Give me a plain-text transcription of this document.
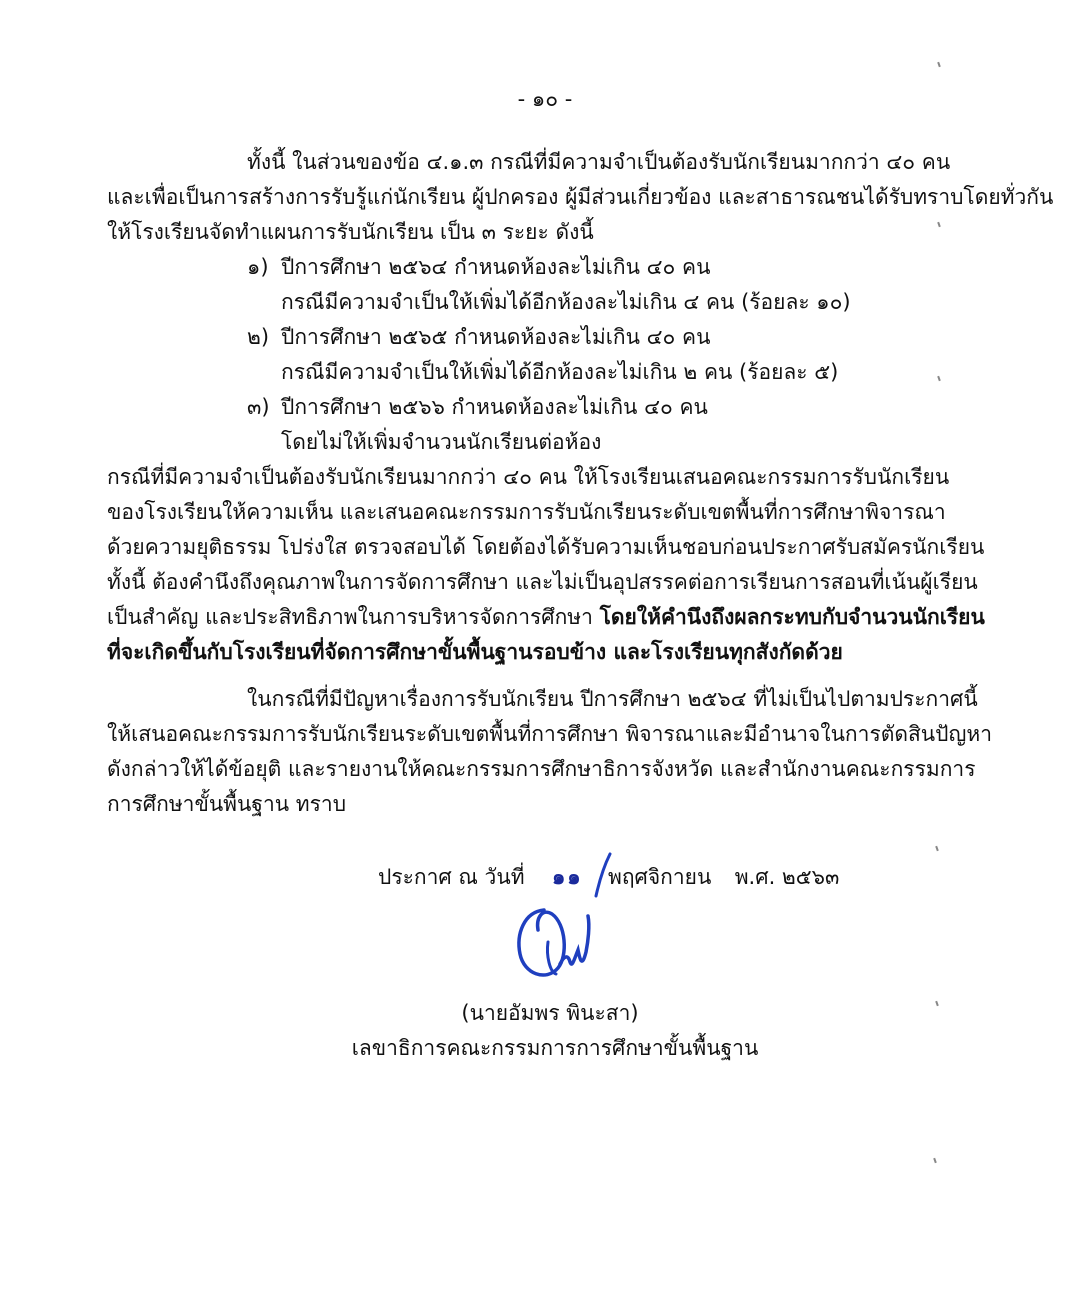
- ๑๐ -
ทั้งนี้ ในส่วนของข้อ ๔.๑.๓ กรณีที่มีความจำเป็นต้องรับนักเรียนมากกว่า ๔๐ คน
และเพื่อเป็นการสร้างการรับรู้แก่นักเรียน ผู้ปกครอง ผู้มีส่วนเกี่ยวข้อง และสาธารณชนได้รับทราบโดยทั่วกัน
ให้โรงเรียนจัดทำแผนการรับนักเรียน เป็น ๓ ระยะ ดังนี้
๑) ปีการศึกษา ๒๕๖๔ กำหนดห้องละไม่เกิน ๔๐ คน
กรณีมีความจำเป็นให้เพิ่มได้อีกห้องละไม่เกิน ๔ คน (ร้อยละ ๑๐)
๒) ปีการศึกษา ๒๕๖๕ กำหนดห้องละไม่เกิน ๔๐ คน
กรณีมีความจำเป็นให้เพิ่มได้อีกห้องละไม่เกิน ๒ คน (ร้อยละ ๕)
๓) ปีการศึกษา ๒๕๖๖ กำหนดห้องละไม่เกิน ๔๐ คน
โดยไม่ให้เพิ่มจำนวนนักเรียนต่อห้อง
กรณีที่มีความจำเป็นต้องรับนักเรียนมากกว่า ๔๐ คน ให้โรงเรียนเสนอคณะกรรมการรับนักเรียน
ของโรงเรียนให้ความเห็น และเสนอคณะกรรมการรับนักเรียนระดับเขตพื้นที่การศึกษาพิจารณา
ด้วยความยุติธรรม โปร่งใส ตรวจสอบได้ โดยต้องได้รับความเห็นชอบก่อนประกาศรับสมัครนักเรียน
ทั้งนี้ ต้องคำนึงถึงคุณภาพในการจัดการศึกษา และไม่เป็นอุปสรรคต่อการเรียนการสอนที่เน้นผู้เรียน
เป็นสำคัญ และประสิทธิภาพในการบริหารจัดการศึกษา โดยให้คำนึงถึงผลกระทบกับจำนวนนักเรียน
ที่จะเกิดขึ้นกับโรงเรียนที่จัดการศึกษาขั้นพื้นฐานรอบข้าง และโรงเรียนทุกสังกัดด้วย
ในกรณีที่มีปัญหาเรื่องการรับนักเรียน ปีการศึกษา ๒๕๖๔ ที่ไม่เป็นไปตามประกาศนี้
ให้เสนอคณะกรรมการรับนักเรียนระดับเขตพื้นที่การศึกษา พิจารณาและมีอำนาจในการตัดสินปัญหา
ดังกล่าวให้ได้ข้อยุติ และรายงานให้คณะกรรมการศึกษาธิการจังหวัด และสำนักงานคณะกรรมการ
การศึกษาขั้นพื้นฐาน ทราบ
ประกาศ ณ วันที่ ๑๑ พฤศจิกายน พ.ศ. ๒๕๖๓
(นายอัมพร พินะสา)
เลขาธิการคณะกรรมการการศึกษาขั้นพื้นฐาน
